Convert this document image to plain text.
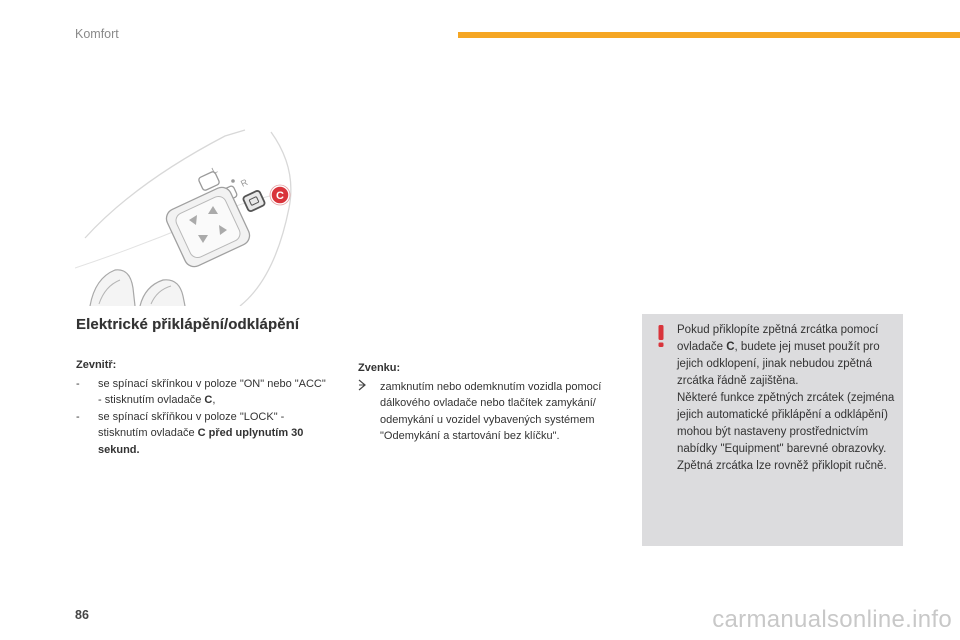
Komfort
L
R
C
Elektrické přiklápění/odklápění
Zevnitř:
- se spínací skřínkou v poloze "ON" nebo "ACC" - stisknutím ovladače C,
- se spínací skříňkou v poloze "LOCK" - stisknutím ovladače C před uplynutím 30 sekund.
Zvenku:
zamknutím nebo odemknutím vozidla pomocí dálkového ovladače nebo tlačítek zamykání/ odemykání u vozidel vybavených systémem "Odemykání a startování bez klíčku".
Pokud přiklopíte zpětná zrcátka pomocí ovladače C, budete jej muset použít pro jejich odklopení, jinak nebudou zpětná zrcátka řádně zajištěna.
Některé funkce zpětných zrcátek (zejména jejich automatické přiklápění a odklápění) mohou být nastaveny prostřednictvím nabídky "Equipment" barevné obrazovky.
Zpětná zrcátka lze rovněž přiklopit ručně.
86	carmanualsonline.info
